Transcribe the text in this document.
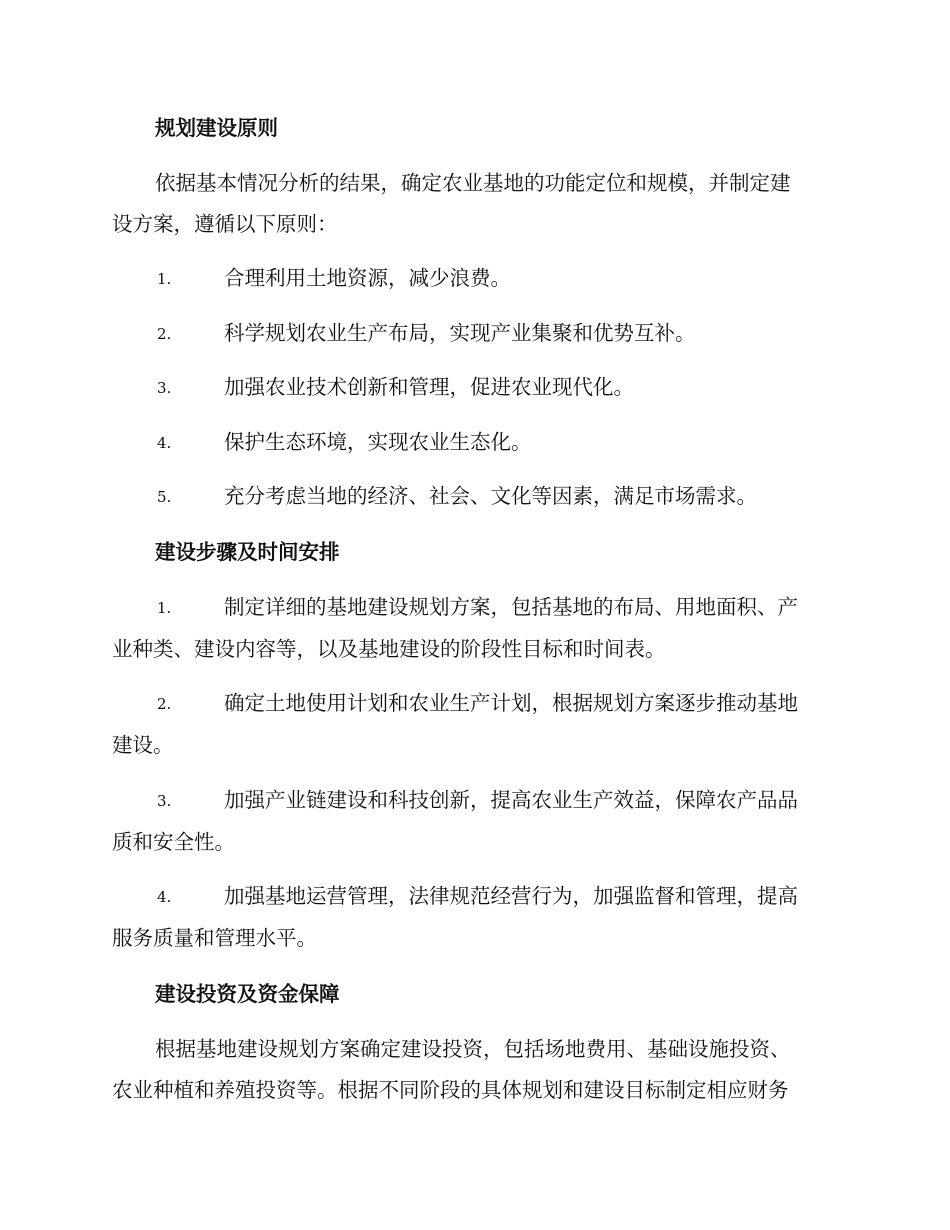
规划建设原则
依据基本情况分析的结果，确定农业基地的功能定位和规模，并制定建
设方案，遵循以下原则：
1.	合理利用土地资源，减少浪费。
2.	科学规划农业生产布局，实现产业集聚和优势互补。
3.	加强农业技术创新和管理，促进农业现代化。
4.	保护生态环境，实现农业生态化。
5.	充分考虑当地的经济、社会、文化等因素，满足市场需求。
建设步骤及时间安排
1.	制定详细的基地建设规划方案，包括基地的布局、用地面积、产
业种类、建设内容等，以及基地建设的阶段性目标和时间表。
2.	确定土地使用计划和农业生产计划，根据规划方案逐步推动基地
建设。
3.	加强产业链建设和科技创新，提高农业生产效益，保障农产品品
质和安全性。
4.	加强基地运营管理，法律规范经营行为，加强监督和管理，提高
服务质量和管理水平。
建设投资及资金保障
根据基地建设规划方案确定建设投资，包括场地费用、基础设施投资、
农业种植和养殖投资等。根据不同阶段的具体规划和建设目标制定相应财务
